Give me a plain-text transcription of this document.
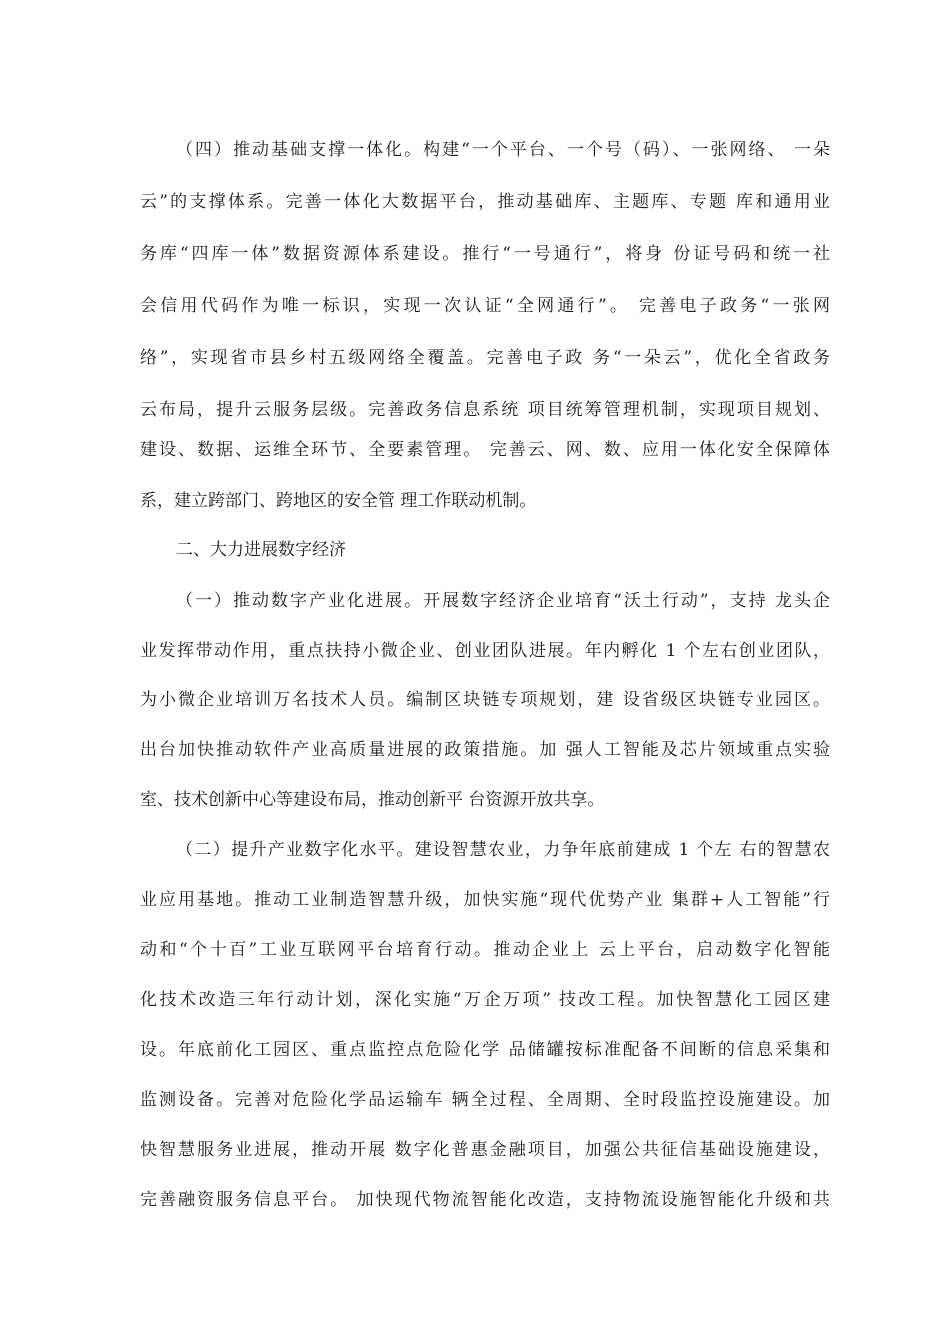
（四）推动基础支撑一体化。构建“一个平台、一个号（码）、一张网络、 一朵
云”的支撑体系。完善一体化大数据平台，推动基础库、主题库、专题 库和通用业
务库“四库一体”数据资源体系建设。推行“一号通行”，将身 份证号码和统一社
会信用代码作为唯一标识，实现一次认证“全网通行”。 完善电子政务“一张网
络”，实现省市县乡村五级网络全覆盖。完善电子政 务“一朵云”，优化全省政务
云布局，提升云服务层级。完善政务信息系统 项目统筹管理机制，实现项目规划、
建设、数据、运维全环节、全要素管理。 完善云、网、数、应用一体化安全保障体
系，建立跨部门、跨地区的安全管 理工作联动机制。
二、大力进展数字经济
（一）推动数字产业化进展。开展数字经济企业培育“沃土行动”，支持 龙头企
业发挥带动作用，重点扶持小微企业、创业团队进展。年内孵化 1 个左右创业团队，
为小微企业培训万名技术人员。编制区块链专项规划，建 设省级区块链专业园区。
出台加快推动软件产业高质量进展的政策措施。加 强人工智能及芯片领域重点实验
室、技术创新中心等建设布局，推动创新平 台资源开放共享。
（二）提升产业数字化水平。建设智慧农业，力争年底前建成 1 个左 右的智慧农
业应用基地。推动工业制造智慧升级，加快实施“现代优势产业 集群+人工智能”行
动和“个十百”工业互联网平台培育行动。推动企业上 云上平台，启动数字化智能
化技术改造三年行动计划，深化实施“万企万项” 技改工程。加快智慧化工园区建
设。年底前化工园区、重点监控点危险化学 品储罐按标准配备不间断的信息采集和
监测设备。完善对危险化学品运输车 辆全过程、全周期、全时段监控设施建设。加
快智慧服务业进展，推动开展 数字化普惠金融项目，加强公共征信基础设施建设，
完善融资服务信息平台。 加快现代物流智能化改造，支持物流设施智能化升级和共
